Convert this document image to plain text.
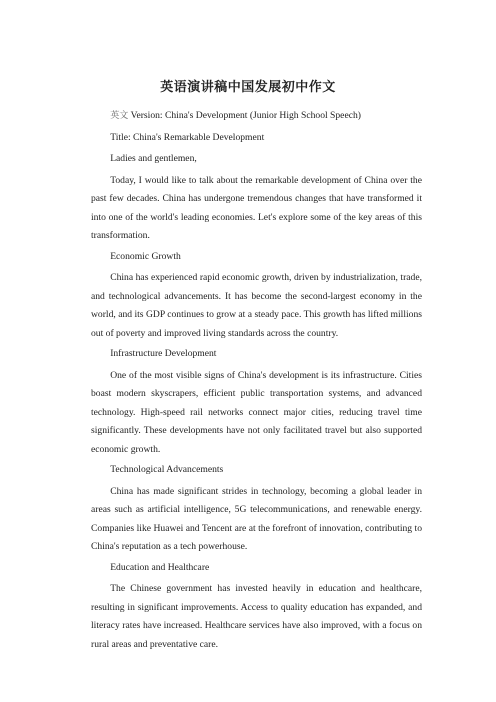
英语演讲稿中国发展初中作文

英文 Version: China's Development (Junior High School Speech)

Title: China's Remarkable Development

Ladies and gentlemen,

Today, I would like to talk about the remarkable development of China over the past few decades. China has undergone tremendous changes that have transformed it into one of the world's leading economies. Let's explore some of the key areas of this transformation.

Economic Growth

China has experienced rapid economic growth, driven by industrialization, trade, and technological advancements. It has become the second-largest economy in the world, and its GDP continues to grow at a steady pace. This growth has lifted millions out of poverty and improved living standards across the country.

Infrastructure Development

One of the most visible signs of China's development is its infrastructure. Cities boast modern skyscrapers, efficient public transportation systems, and advanced technology. High-speed rail networks connect major cities, reducing travel time significantly. These developments have not only facilitated travel but also supported economic growth.

Technological Advancements

China has made significant strides in technology, becoming a global leader in areas such as artificial intelligence, 5G telecommunications, and renewable energy. Companies like Huawei and Tencent are at the forefront of innovation, contributing to China's reputation as a tech powerhouse.

Education and Healthcare

The Chinese government has invested heavily in education and healthcare, resulting in significant improvements. Access to quality education has expanded, and literacy rates have increased. Healthcare services have also improved, with a focus on rural areas and preventative care.
